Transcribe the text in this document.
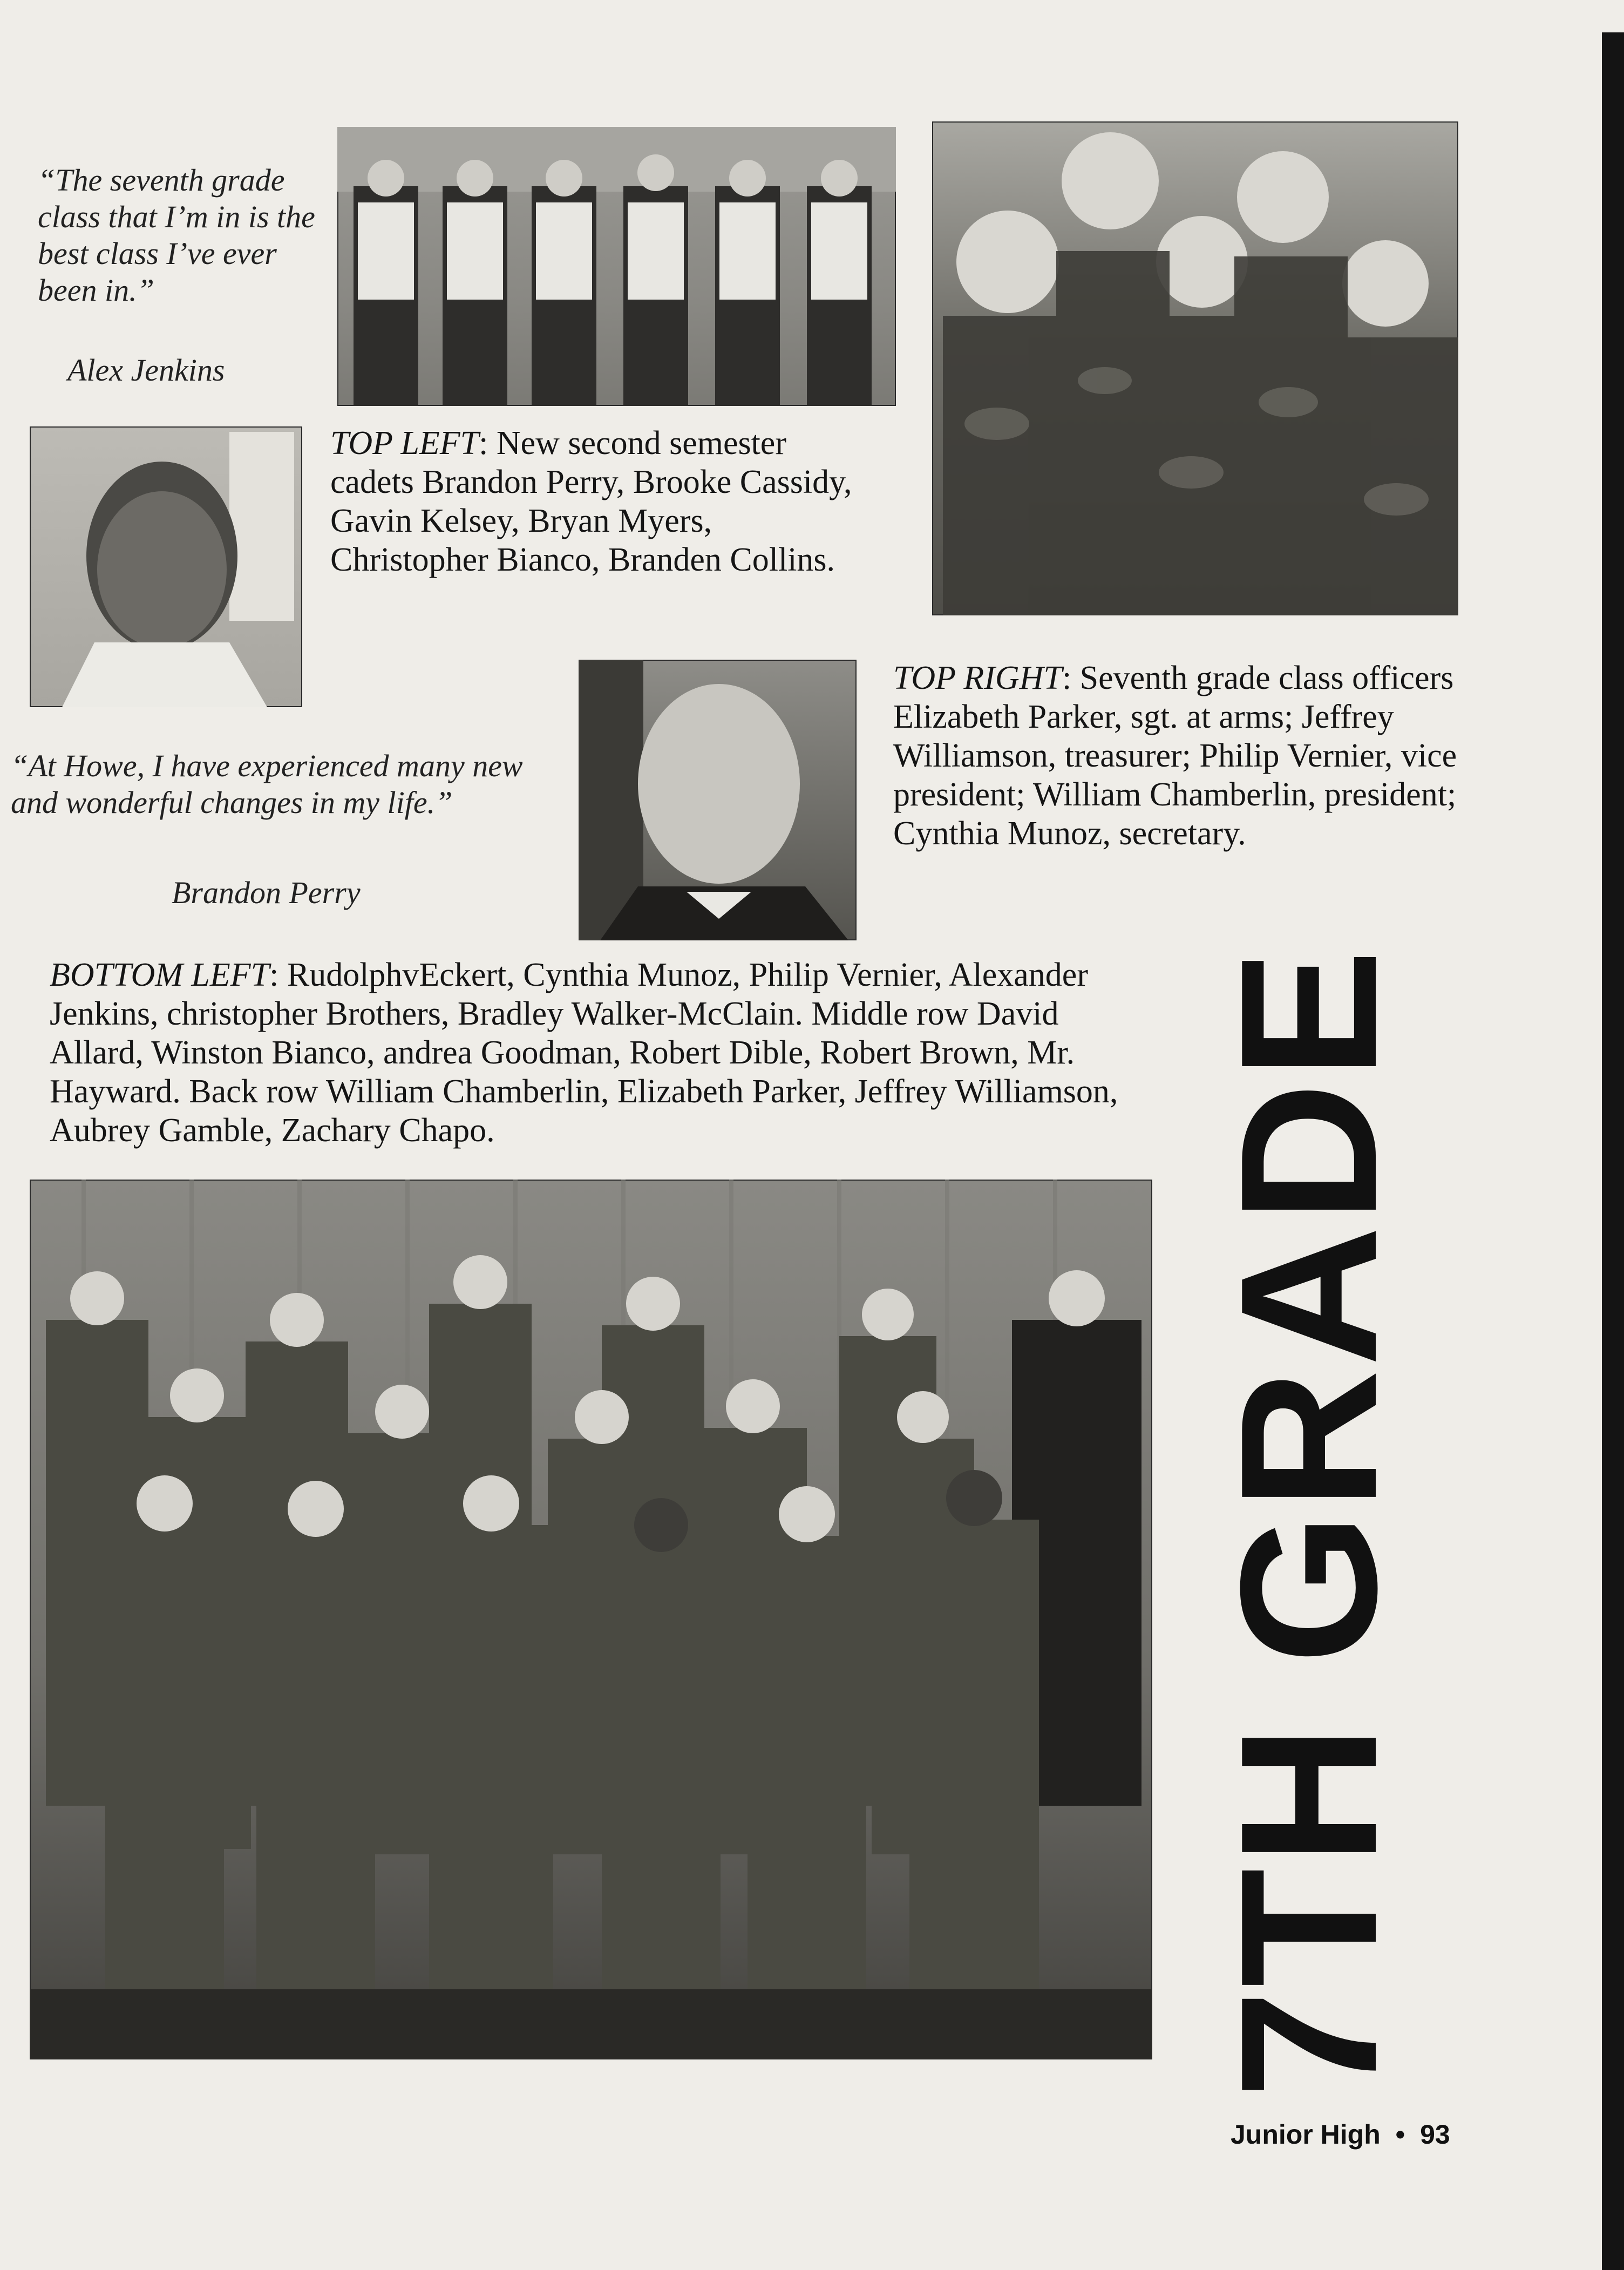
“The seventh grade class that I’m in is the best class I’ve ever been in.”
Alex Jenkins
TOP LEFT: New second semester cadets Brandon Perry, Brooke Cassidy, Gavin Kelsey, Bryan Myers, Christopher Bianco, Branden Collins.
“At Howe, I have experienced many new and wonderful changes in my life.”
Brandon Perry
TOP RIGHT: Seventh grade class officers Elizabeth Parker, sgt. at arms; Jeffrey Williamson, treasurer; Philip Vernier, vice president; William Chamberlin, president; Cynthia Munoz, secretary.
BOTTOM LEFT: RudolphvEckert, Cynthia Munoz, Philip Vernier, Alexander Jenkins, christopher Brothers, Bradley Walker-McClain. Middle row David Allard, Winston Bianco, andrea Goodman, Robert Dible, Robert Brown, Mr. Hayward. Back row William Chamberlin, Elizabeth Parker, Jeffrey Williamson, Aubrey Gamble, Zachary Chapo.	7TH GRADE
Junior High • 93
